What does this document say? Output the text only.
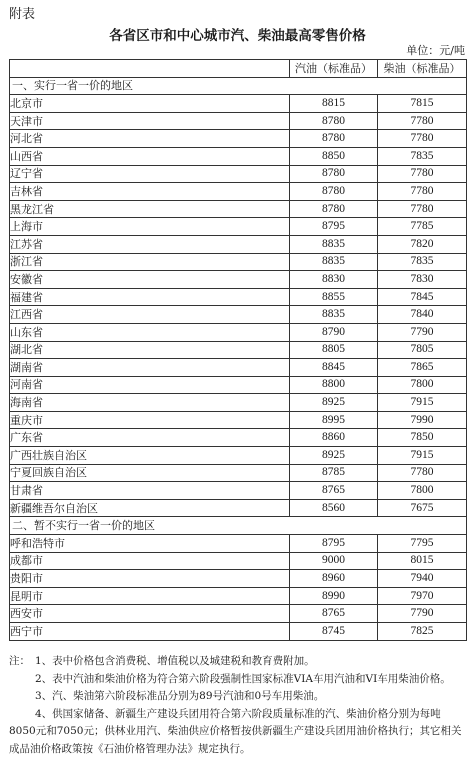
附表
各省区市和中心城市汽、柴油最高零售价格
单位：元/吨
	汽油（标准品）	柴油（标准品）
一、实行一省一价的地区		
北京市	8815	7815
天津市	8780	7780
河北省	8780	7780
山西省	8850	7835
辽宁省	8780	7780
吉林省	8780	7780
黑龙江省	8780	7780
上海市	8795	7785
江苏省	8835	7820
浙江省	8835	7835
安徽省	8830	7830
福建省	8855	7845
江西省	8835	7840
山东省	8790	7790
湖北省	8805	7805
湖南省	8845	7865
河南省	8800	7800
海南省	8925	7915
重庆市	8995	7990
广东省	8860	7850
广西壮族自治区	8925	7915
宁夏回族自治区	8785	7780
甘肃省	8765	7800
新疆维吾尔自治区	8560	7675
二、暂不实行一省一价的地区		
呼和浩特市	8795	7795
成都市	9000	8015
贵阳市	8960	7940
昆明市	8990	7970
西安市	8765	7790
西宁市	8745	7825

注： 1、表中价格包含消费税、增值税以及城建税和教育费附加。

2、表中汽油和柴油价格为符合第六阶段强制性国家标准VIA车用汽油和VI车用柴油价格。

3、汽、柴油第六阶段标准品分别为89号汽油和0号车用柴油。

4、供国家储备、新疆生产建设兵团用符合第六阶段质量标准的汽、柴油价格分别为每吨8050元和7050元；供林业用汽、柴油供应价格暂按供新疆生产建设兵团用油价格执行；其它相关成品油价格政策按《石油价格管理办法》规定执行。
